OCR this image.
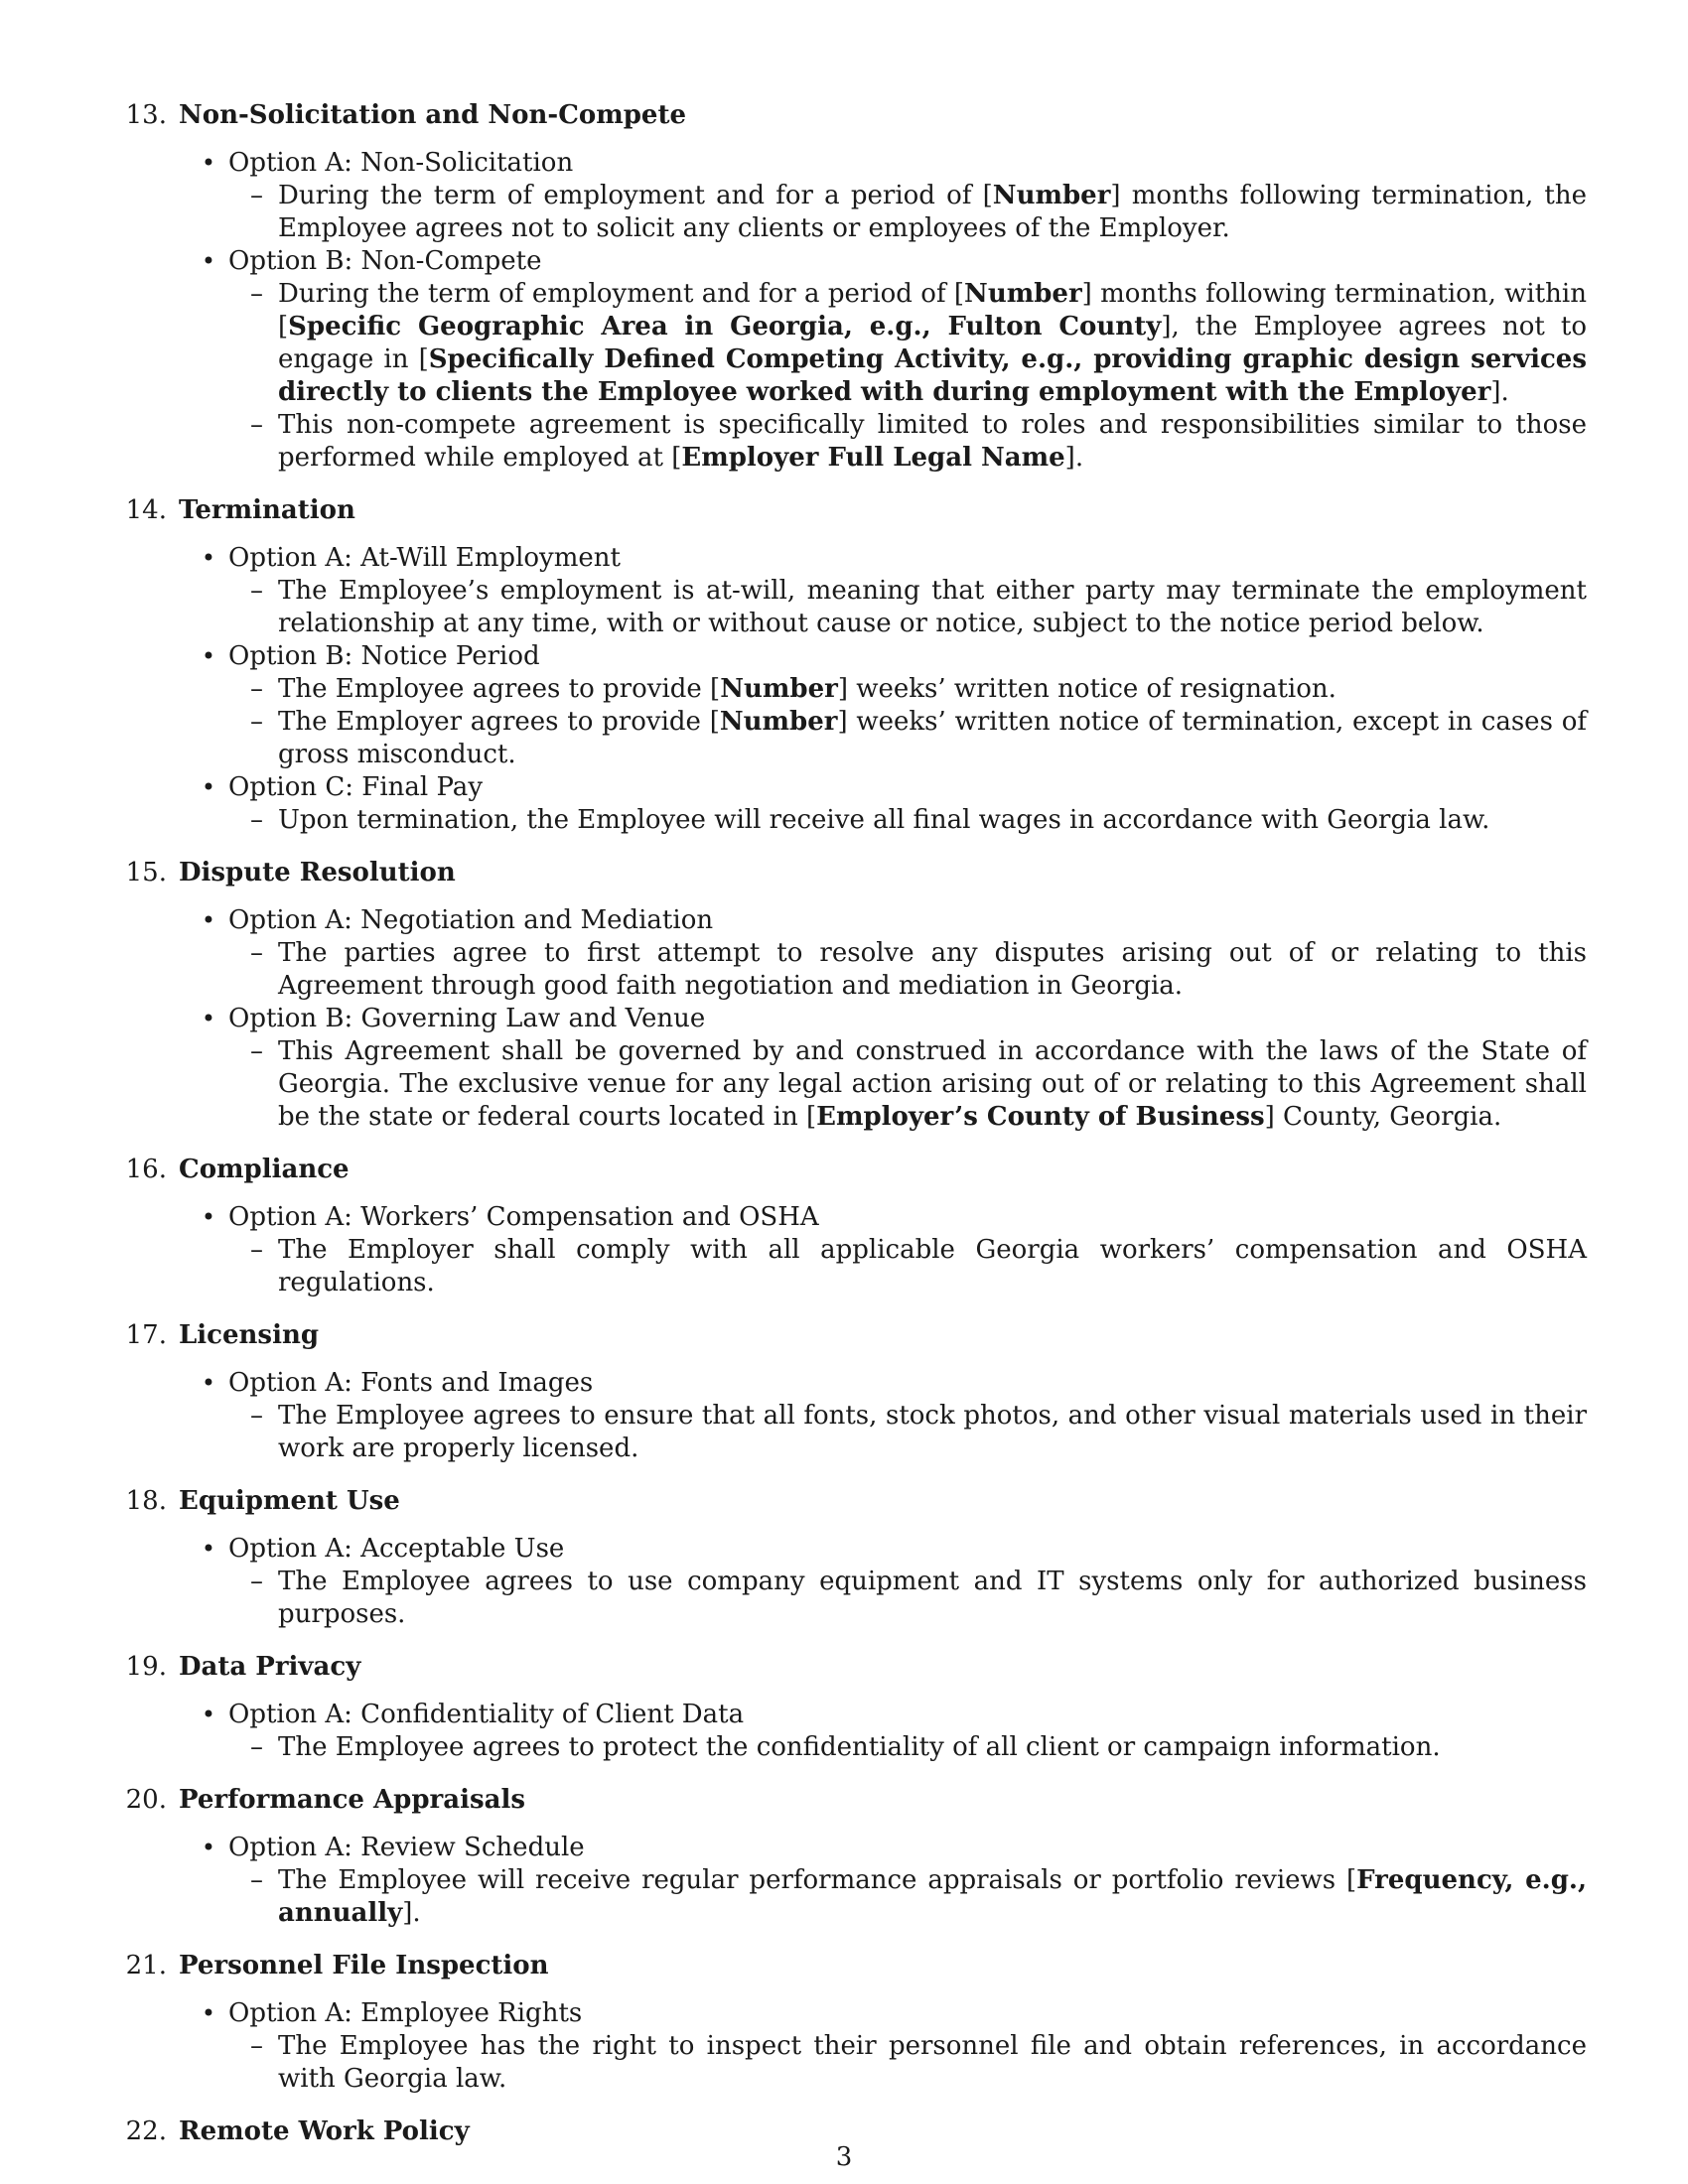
13. Non-Solicitation and Non-Compete
• Option A: Non-Solicitation
– During the term of employment and for a period of [Number] months following termination, the Employee agrees not to solicit any clients or employees of the Employer.
• Option B: Non-Compete
– During the term of employment and for a period of [Number] months following termination, within [Specific Geographic Area in Georgia, e.g., Fulton County], the Employee agrees not to engage in [Specifically Defined Competing Activity, e.g., providing graphic design services directly to clients the Employee worked with during employment with the Employer].
– This non-compete agreement is specifically limited to roles and responsibilities similar to those performed while employed at [Employer Full Legal Name].
14. Termination
• Option A: At-Will Employment
– The Employee’s employment is at-will, meaning that either party may terminate the employment relationship at any time, with or without cause or notice, subject to the notice period below.
• Option B: Notice Period
– The Employee agrees to provide [Number] weeks’ written notice of resignation.
– The Employer agrees to provide [Number] weeks’ written notice of termination, except in cases of gross misconduct.
• Option C: Final Pay
– Upon termination, the Employee will receive all final wages in accordance with Georgia law.
15. Dispute Resolution
• Option A: Negotiation and Mediation
– The parties agree to first attempt to resolve any disputes arising out of or relating to this Agreement through good faith negotiation and mediation in Georgia.
• Option B: Governing Law and Venue
– This Agreement shall be governed by and construed in accordance with the laws of the State of Georgia. The exclusive venue for any legal action arising out of or relating to this Agreement shall be the state or federal courts located in [Employer’s County of Business] County, Georgia.
16. Compliance
• Option A: Workers’ Compensation and OSHA
– The Employer shall comply with all applicable Georgia workers’ compensation and OSHA regulations.
17. Licensing
• Option A: Fonts and Images
– The Employee agrees to ensure that all fonts, stock photos, and other visual materials used in their work are properly licensed.
18. Equipment Use
• Option A: Acceptable Use
– The Employee agrees to use company equipment and IT systems only for authorized business purposes.
19. Data Privacy
• Option A: Confidentiality of Client Data
– The Employee agrees to protect the confidentiality of all client or campaign information.
20. Performance Appraisals
• Option A: Review Schedule
– The Employee will receive regular performance appraisals or portfolio reviews [Frequency, e.g., annually].
21. Personnel File Inspection
• Option A: Employee Rights
– The Employee has the right to inspect their personnel file and obtain references, in accordance with Georgia law.
22. Remote Work Policy
3
